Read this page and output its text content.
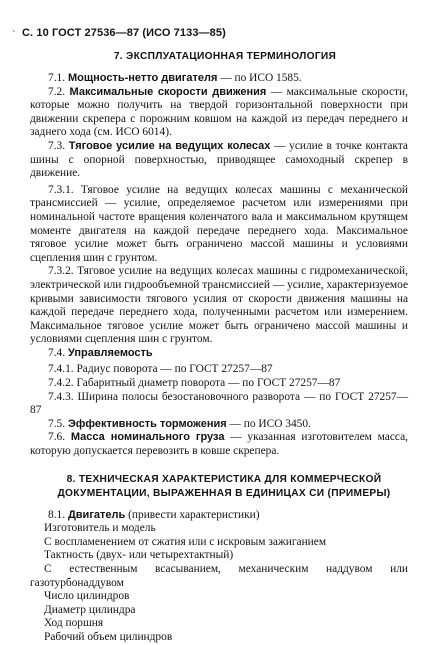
ˋ С. 10 ГОСТ 27536—87 (ИСО 7133—85)
7. ЭКСПЛУАТАЦИОННАЯ ТЕРМИНОЛОГИЯ

7.1. Мощность-нетто двигателя — по ИСО 1585.

7.2. Максимальные скорости движения — максимальные скорости, которые можно получить на твердой горизонтальной поверхности при движении скрепера с порожним ковшом на каждой из передач переднего и заднего хода (см. ИСО 6014).

7.3. Тяговое усилие на ведущих колесах — усилие в точке контакта шины с опорной поверхностью, приводящее самоходный скрепер в движение.

7.3.1. Тяговое усилие на ведущих колесах машины с механической трансмиссией — усилие, определяемое расчетом или измерениями при номинальной частоте вращения коленчатого вала и максимальном крутящем моменте двигателя на каждой передаче переднего хода. Максимальное тяговое усилие может быть ограничено массой машины и условиями сцепления шин с грунтом.

7.3.2. Тяговое усилие на ведущих колесах машины с гидромеханической, электрической или гидрообъемной трансмиссией — усилие, характеризуемое кривыми зависимости тягового усилия от скорости движения машины на каждой передаче переднего хода, полученными расчетом или измерением. Максимальное тяговое усилие может быть ограничено массой машины и условиями сцепления шин с грунтом.

7.4. Управляемость

7.4.1. Радиус поворота — по ГОСТ 27257—87

7.4.2. Габаритный диаметр поворота — по ГОСТ 27257—87

7.4.3. Ширина полосы безостановочного разворота — по ГОСТ 27257—87

7.5. Эффективность торможения — по ИСО 3450.

7.6. Масса номинального груза — указанная изготовителем масса, которую допускается перевозить в ковше скрепера.

8. ТЕХНИЧЕСКАЯ ХАРАКТЕРИСТИКА ДЛЯ КОММЕРЧЕСКОЙ
ДОКУМЕНТАЦИИ, ВЫРАЖЕННАЯ В ЕДИНИЦАХ СИ (ПРИМЕРЫ)

8.1. Двигатель (привести характеристики)

Изготовитель и модель

С воспламенением от сжатия или с искровым зажиганием

Тактность (двух- или четырехтактный)

С естественным всасыванием, механическим наддувом или газотурбонаддувом

Число цилиндров

Диаметр цилиндра

Ход поршня

Рабочий объем цилиндров
